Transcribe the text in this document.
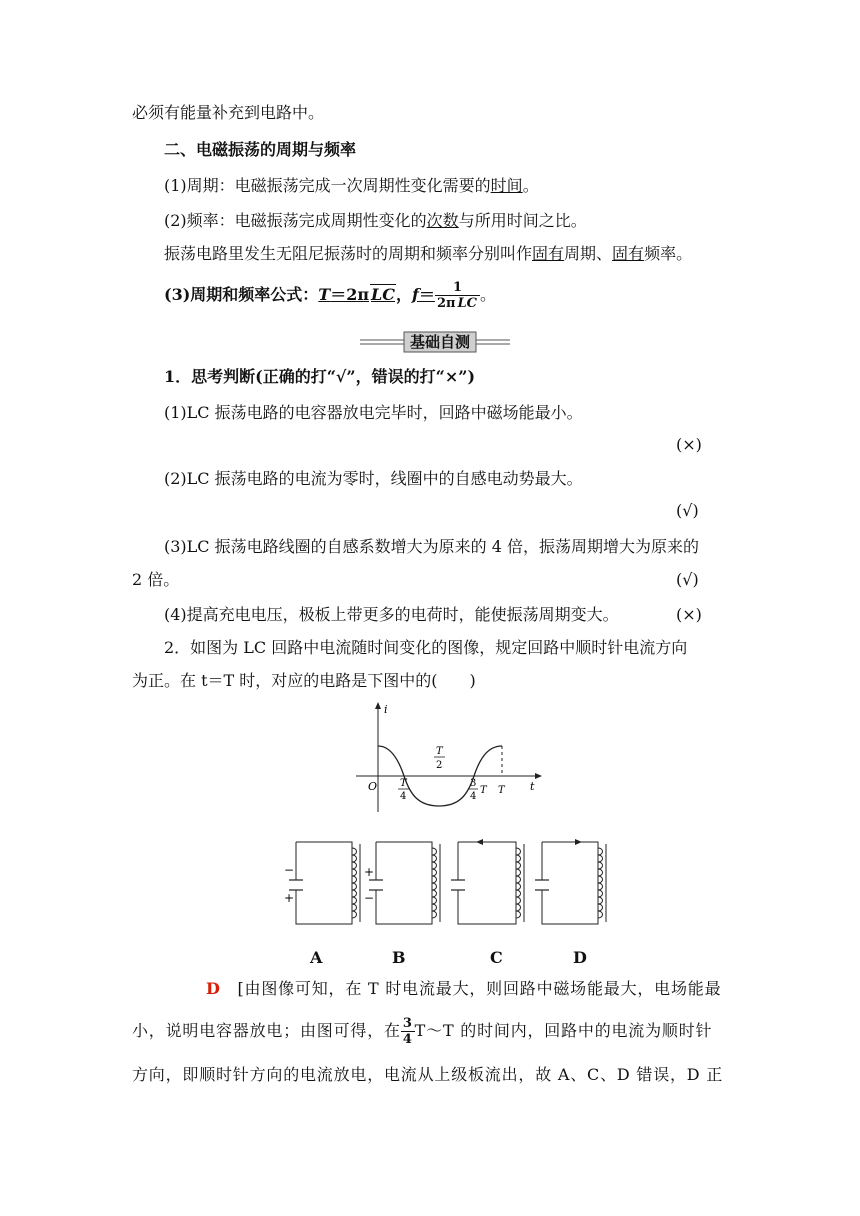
必须有能量补充到电路中。
二、电磁振荡的周期与频率
(1)周期：电磁振荡完成一次周期性变化需要的时间。
(2)频率：电磁振荡完成周期性变化的次数与所用时间之比。
振荡电路里发生无阻尼振荡时的周期和频率分别叫作固有周期、固有频率。
(3)周期和频率公式：T＝2π LC，$f= \frac{1}{\text{2π LC}}$ 。
基础自测
1．思考判断(正确的打“√”，错误的打“×”)
(1)LC 振荡电路的电容器放电完毕时，回路中磁场能最小。
(×)
(2)LC 振荡电路的电流为零时，线圈中的自感电动势最大。
(√)
(3)LC 振荡电路线圈的自感系数增大为原来的 4 倍，振荡周期增大为原来的
2 倍。	(√)
(4)提高充电电压，极板上带更多的电荷时，能使振荡周期变大。	(×)
2．如图为 LC 回路中电流随时间变化的图像，规定回路中顺时针电流方向
为正。在 t＝T 时，对应的电路是下图中的(　　)
i
t
O T
4
T
2
3
4
T T
−
+
+
−
A	B	C	D
D　 [由图像可知，在 T 时电流最大，则回路中磁场能最大，电场能最
小，说明电容器放电；由图可得，在 $\frac{3}{4}$ T～T 的时间内，回路中的电流为顺时针
方向，即顺时针方向的电流放电，电流从上级板流出，故 A、C、D 错误，D 正
